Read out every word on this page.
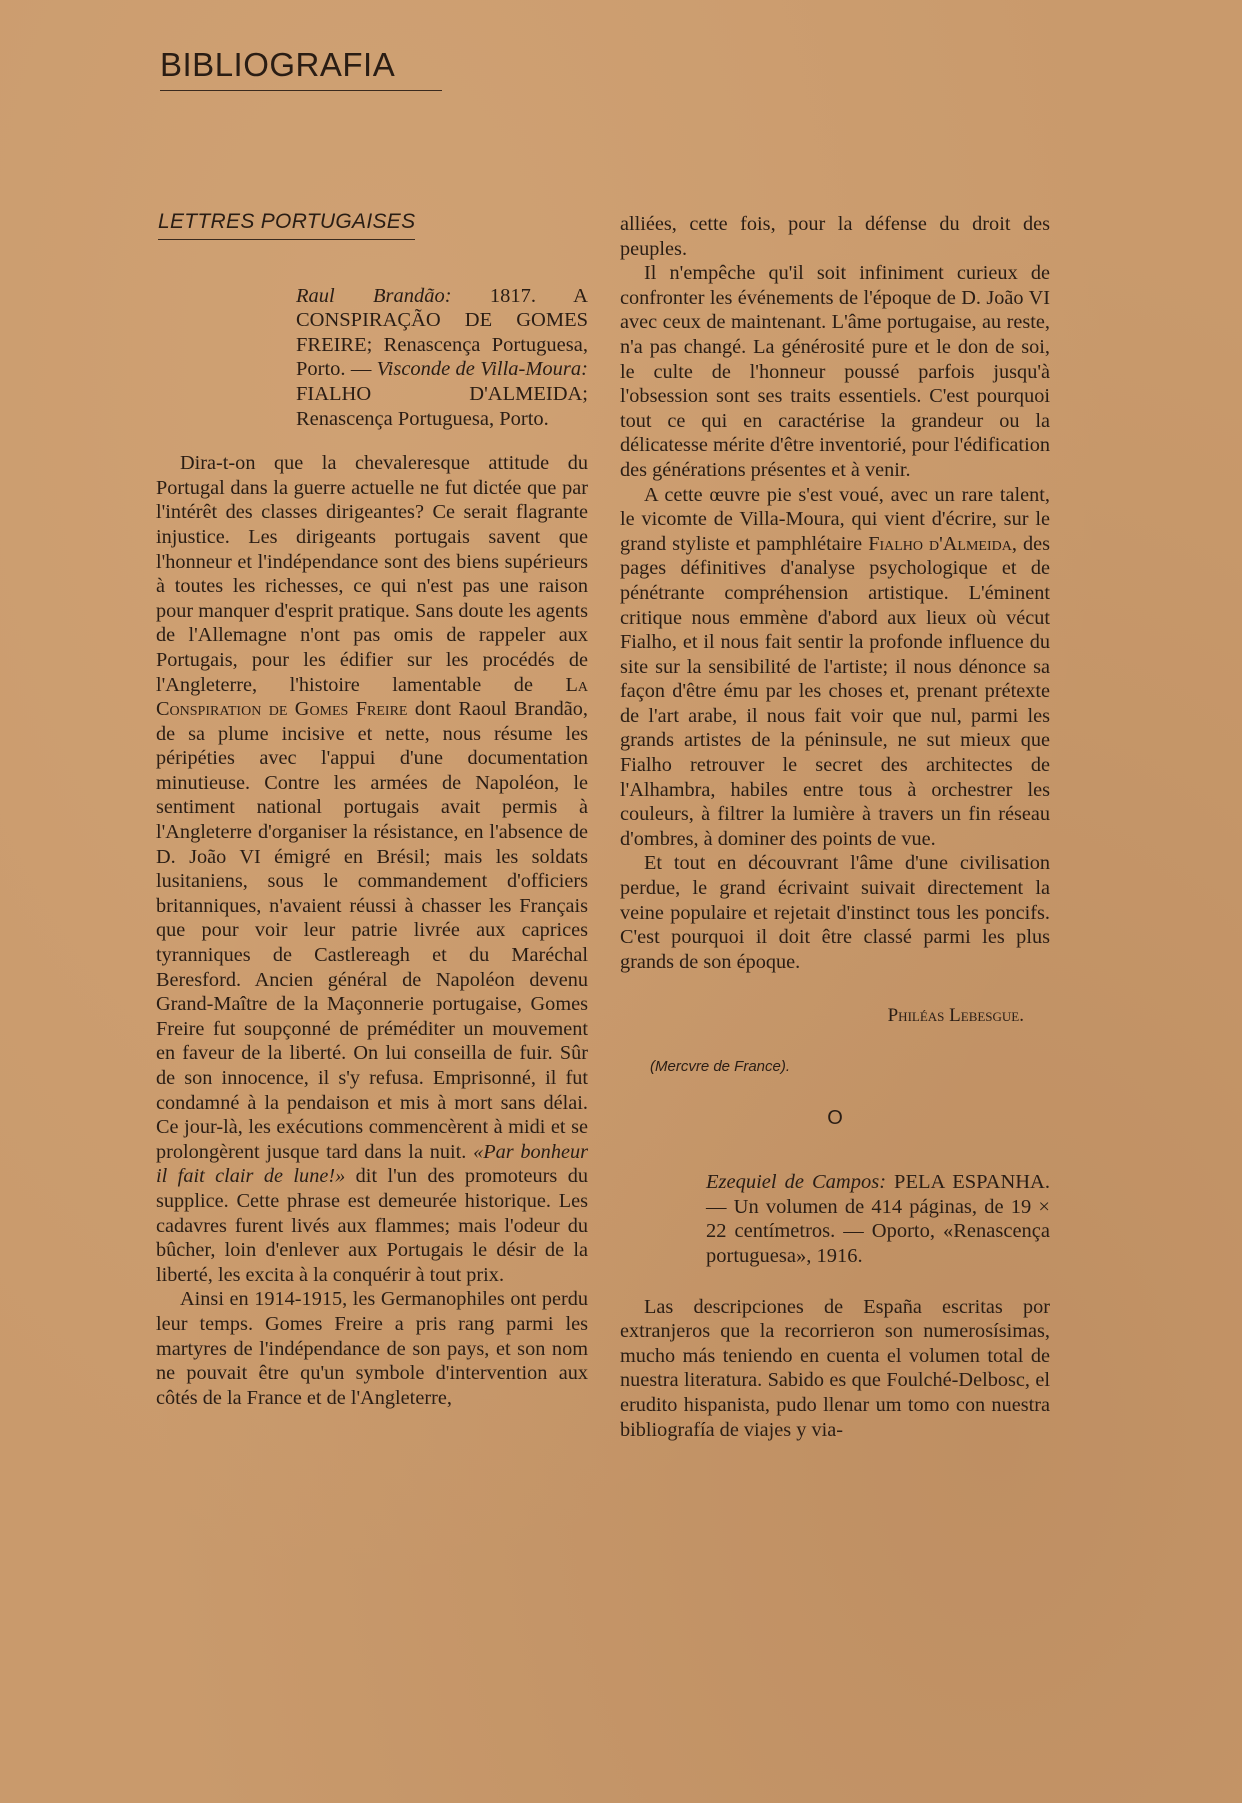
BIBLIOGRAFIA
LETTRES PORTUGAISES
Raul Brandão: 1817. A CONSPIRAÇÃO DE GOMES FREIRE; Renascença Portuguesa, Porto. — Visconde de Villa-Moura: FIALHO D'ALMEIDA; Renascença Portuguesa, Porto.

Dira-t-on que la chevaleresque attitude du Portugal dans la guerre actuelle ne fut dictée que par l'intérêt des classes dirigeantes? Ce serait flagrante injustice. Les dirigeants portugais savent que l'honneur et l'indépendance sont des biens supérieurs à toutes les richesses, ce qui n'est pas une raison pour manquer d'esprit pratique. Sans doute les agents de l'Allemagne n'ont pas omis de rappeler aux Portugais, pour les édifier sur les procédés de l'Angleterre, l'histoire lamentable de La Conspiration de Gomes Freire dont Raoul Brandão, de sa plume incisive et nette, nous résume les péripéties avec l'appui d'une documentation minutieuse. Contre les armées de Napoléon, le sentiment national portugais avait permis à l'Angleterre d'organiser la résistance, en l'absence de D. João VI émigré en Brésil; mais les soldats lusitaniens, sous le commandement d'officiers britanniques, n'avaient réussi à chasser les Français que pour voir leur patrie livrée aux caprices tyranniques de Castlereagh et du Maréchal Beresford. Ancien général de Napoléon devenu Grand-Maître de la Maçonnerie portugaise, Gomes Freire fut soupçonné de préméditer un mouvement en faveur de la liberté. On lui conseilla de fuir. Sûr de son innocence, il s'y refusa. Emprisonné, il fut condamné à la pendaison et mis à mort sans délai. Ce jour-là, les exécutions commencèrent à midi et se prolongèrent jusque tard dans la nuit. «Par bonheur il fait clair de lune!» dit l'un des promoteurs du supplice. Cette phrase est demeurée historique. Les cadavres furent livés aux flammes; mais l'odeur du bûcher, loin d'enlever aux Portugais le désir de la liberté, les excita à la conquérir à tout prix.

Ainsi en 1914-1915, les Germanophiles ont perdu leur temps. Gomes Freire a pris rang parmi les martyres de l'indépendance de son pays, et son nom ne pouvait être qu'un symbole d'intervention aux côtés de la France et de l'Angleterre,

alliées, cette fois, pour la défense du droit des peuples.

Il n'empêche qu'il soit infiniment curieux de confronter les événements de l'époque de D. João VI avec ceux de maintenant. L'âme portugaise, au reste, n'a pas changé. La générosité pure et le don de soi, le culte de l'honneur poussé parfois jusqu'à l'obsession sont ses traits essentiels. C'est pourquoi tout ce qui en caractérise la grandeur ou la délicatesse mérite d'être inventorié, pour l'édification des générations présentes et à venir.

A cette œuvre pie s'est voué, avec un rare talent, le vicomte de Villa-Moura, qui vient d'écrire, sur le grand styliste et pamphlétaire Fialho d'Almeida, des pages définitives d'analyse psychologique et de pénétrante compréhension artistique. L'éminent critique nous emmène d'abord aux lieux où vécut Fialho, et il nous fait sentir la profonde influence du site sur la sensibilité de l'artiste; il nous dénonce sa façon d'être ému par les choses et, prenant prétexte de l'art arabe, il nous fait voir que nul, parmi les grands artistes de la péninsule, ne sut mieux que Fialho retrouver le secret des architectes de l'Alhambra, habiles entre tous à orchestrer les couleurs, à filtrer la lumière à travers un fin réseau d'ombres, à dominer des points de vue.

Et tout en découvrant l'âme d'une civilisation perdue, le grand écrivaint suivait directement la veine populaire et rejetait d'instinct tous les poncifs. C'est pourquoi il doit être classé parmi les plus grands de son époque.

Philéas Lebesgue.

(Mercvre de France).

O

Ezequiel de Campos: PELA ESPANHA. — Un volumen de 414 páginas, de 19 × 22 centímetros. — Oporto, «Renascença portuguesa», 1916.

Las descripciones de España escritas por extranjeros que la recorrieron son numerosísimas, mucho más teniendo en cuenta el volumen total de nuestra literatura. Sabido es que Foulché-Delbosc, el erudito hispanista, pudo llenar um tomo con nuestra bibliografía de viajes y via-
